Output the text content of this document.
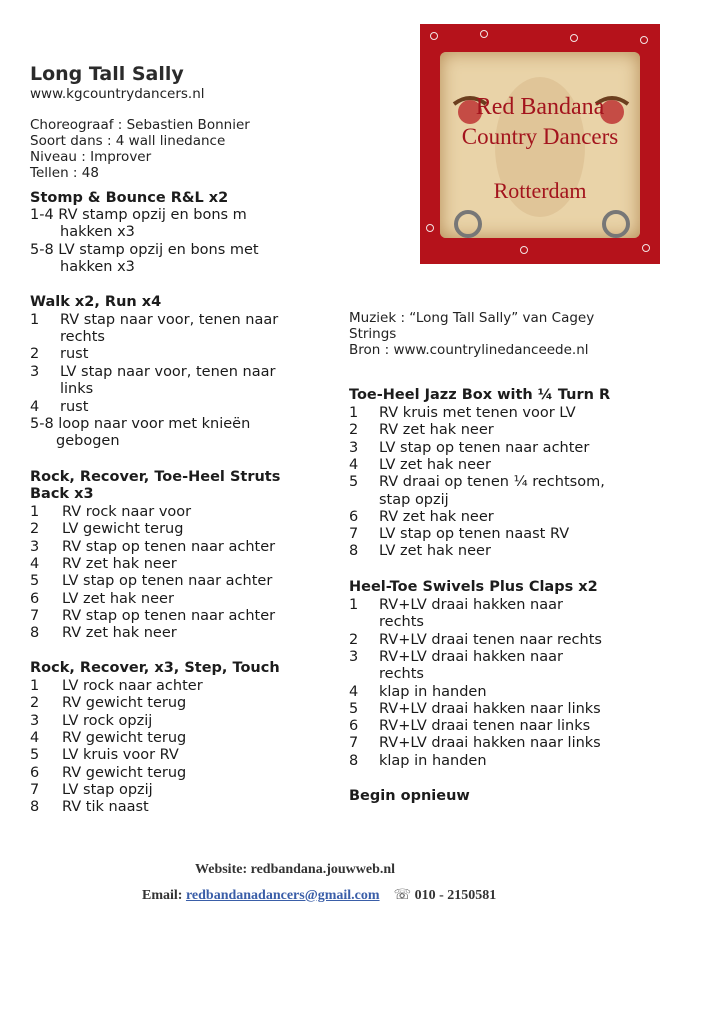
Long Tall Sally
www.kgcountrydancers.nl
Choreograaf : Sebastien Bonnier
Soort dans : 4 wall linedance
Niveau : Improver
Tellen : 48
Red Bandana
Country Dancers
Rotterdam
Stomp & Bounce R&L x2
1-4 RV stamp opzij en bons m
hakken x3
5-8 LV stamp opzij en bons met
hakken x3
Walk x2, Run x4
1 RV stap naar voor, tenen naar
rechts
2 rust
3 LV stap naar voor, tenen naar
links
4 rust
5-8 loop naar voor met knieën
gebogen
Rock, Recover, Toe-Heel Struts
Back x3
1 RV rock naar voor
2 LV gewicht terug
3 RV stap op tenen naar achter
4 RV zet hak neer
5 LV stap op tenen naar achter
6 LV zet hak neer
7 RV stap op tenen naar achter
8 RV zet hak neer
Rock, Recover, x3, Step, Touch
1 LV rock naar achter
2 RV gewicht terug
3 LV rock opzij
4 RV gewicht terug
5 LV kruis voor RV
6 RV gewicht terug
7 LV stap opzij
8 RV tik naast
Muziek : “Long Tall Sally” van Cagey
Strings
Bron : www.countrylinedanceede.nl
Toe-Heel Jazz Box with ¼ Turn R
1 RV kruis met tenen voor LV
2 RV zet hak neer
3 LV stap op tenen naar achter
4 LV zet hak neer
5 RV draai op tenen ¼ rechtsom,
stap opzij
6 RV zet hak neer
7 LV stap op tenen naast RV
8 LV zet hak neer
Heel-Toe Swivels Plus Claps x2
1 RV+LV draai hakken naar
rechts
2 RV+LV draai tenen naar rechts
3 RV+LV draai hakken naar
rechts
4 klap in handen
5 RV+LV draai hakken naar links
6 RV+LV draai tenen naar links
7 RV+LV draai hakken naar links
8 klap in handen
Begin opnieuw
Website: redbandana.jouwweb.nl
Email: redbandanadancers@gmail.com ☏ 010 - 2150581
